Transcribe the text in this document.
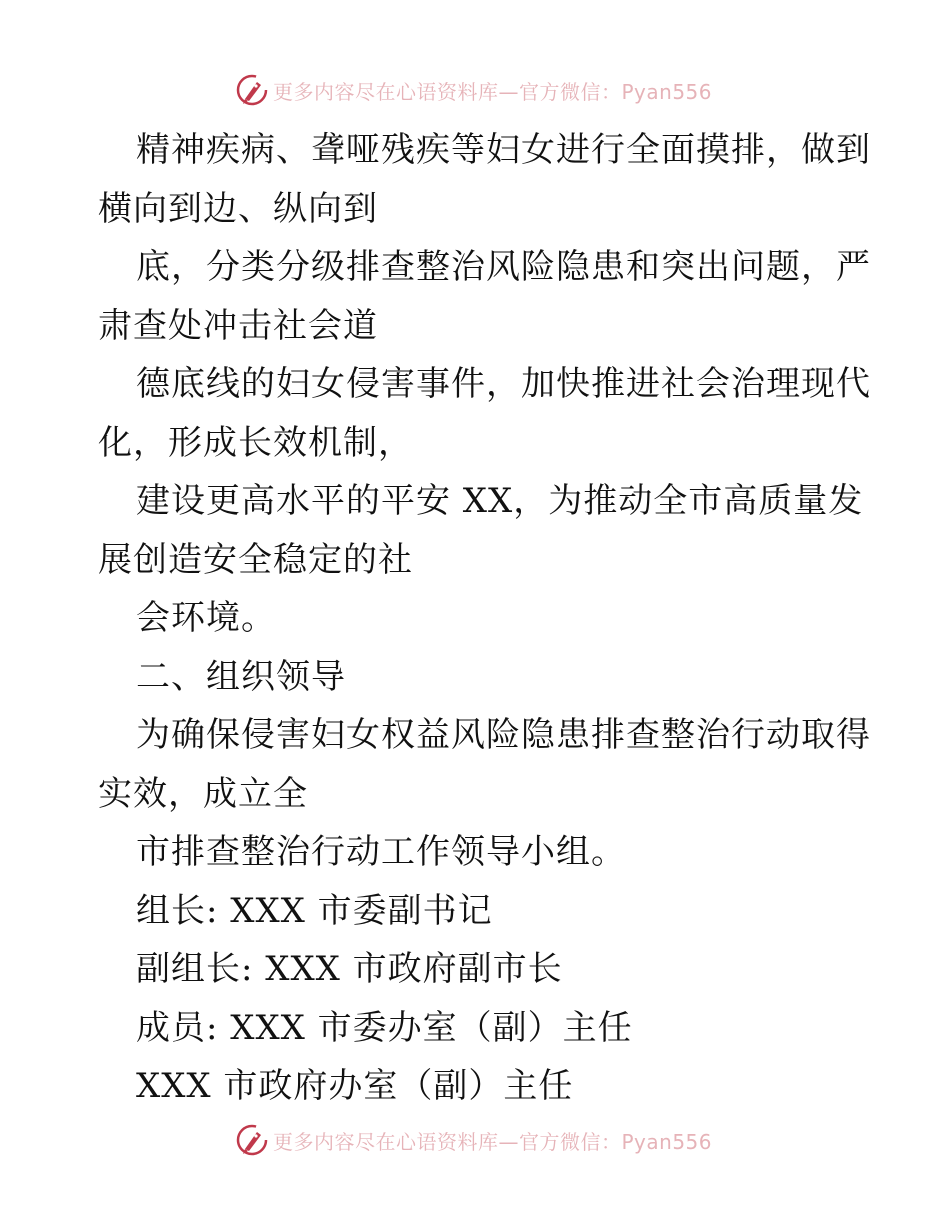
更多内容尽在心语资料库—官方微信：Pyan556
精神疾病、聋哑残疾等妇女进行全面摸排，做到
横向到边、纵向到
底，分类分级排查整治风险隐患和突出问题，严
肃查处冲击社会道
德底线的妇女侵害事件，加快推进社会治理现代
化，形成长效机制，
建设更高水平的平安 XX，为推动全市高质量发
展创造安全稳定的社
会环境。
二、组织领导
为确保侵害妇女权益风险隐患排查整治行动取得
实效，成立全
市排查整治行动工作领导小组。
组长: XXX 市委副书记
副组长: XXX 市政府副市长
成员: XXX 市委办室（副）主任
XXX 市政府办室（副）主任
更多内容尽在心语资料库—官方微信：Pyan556
